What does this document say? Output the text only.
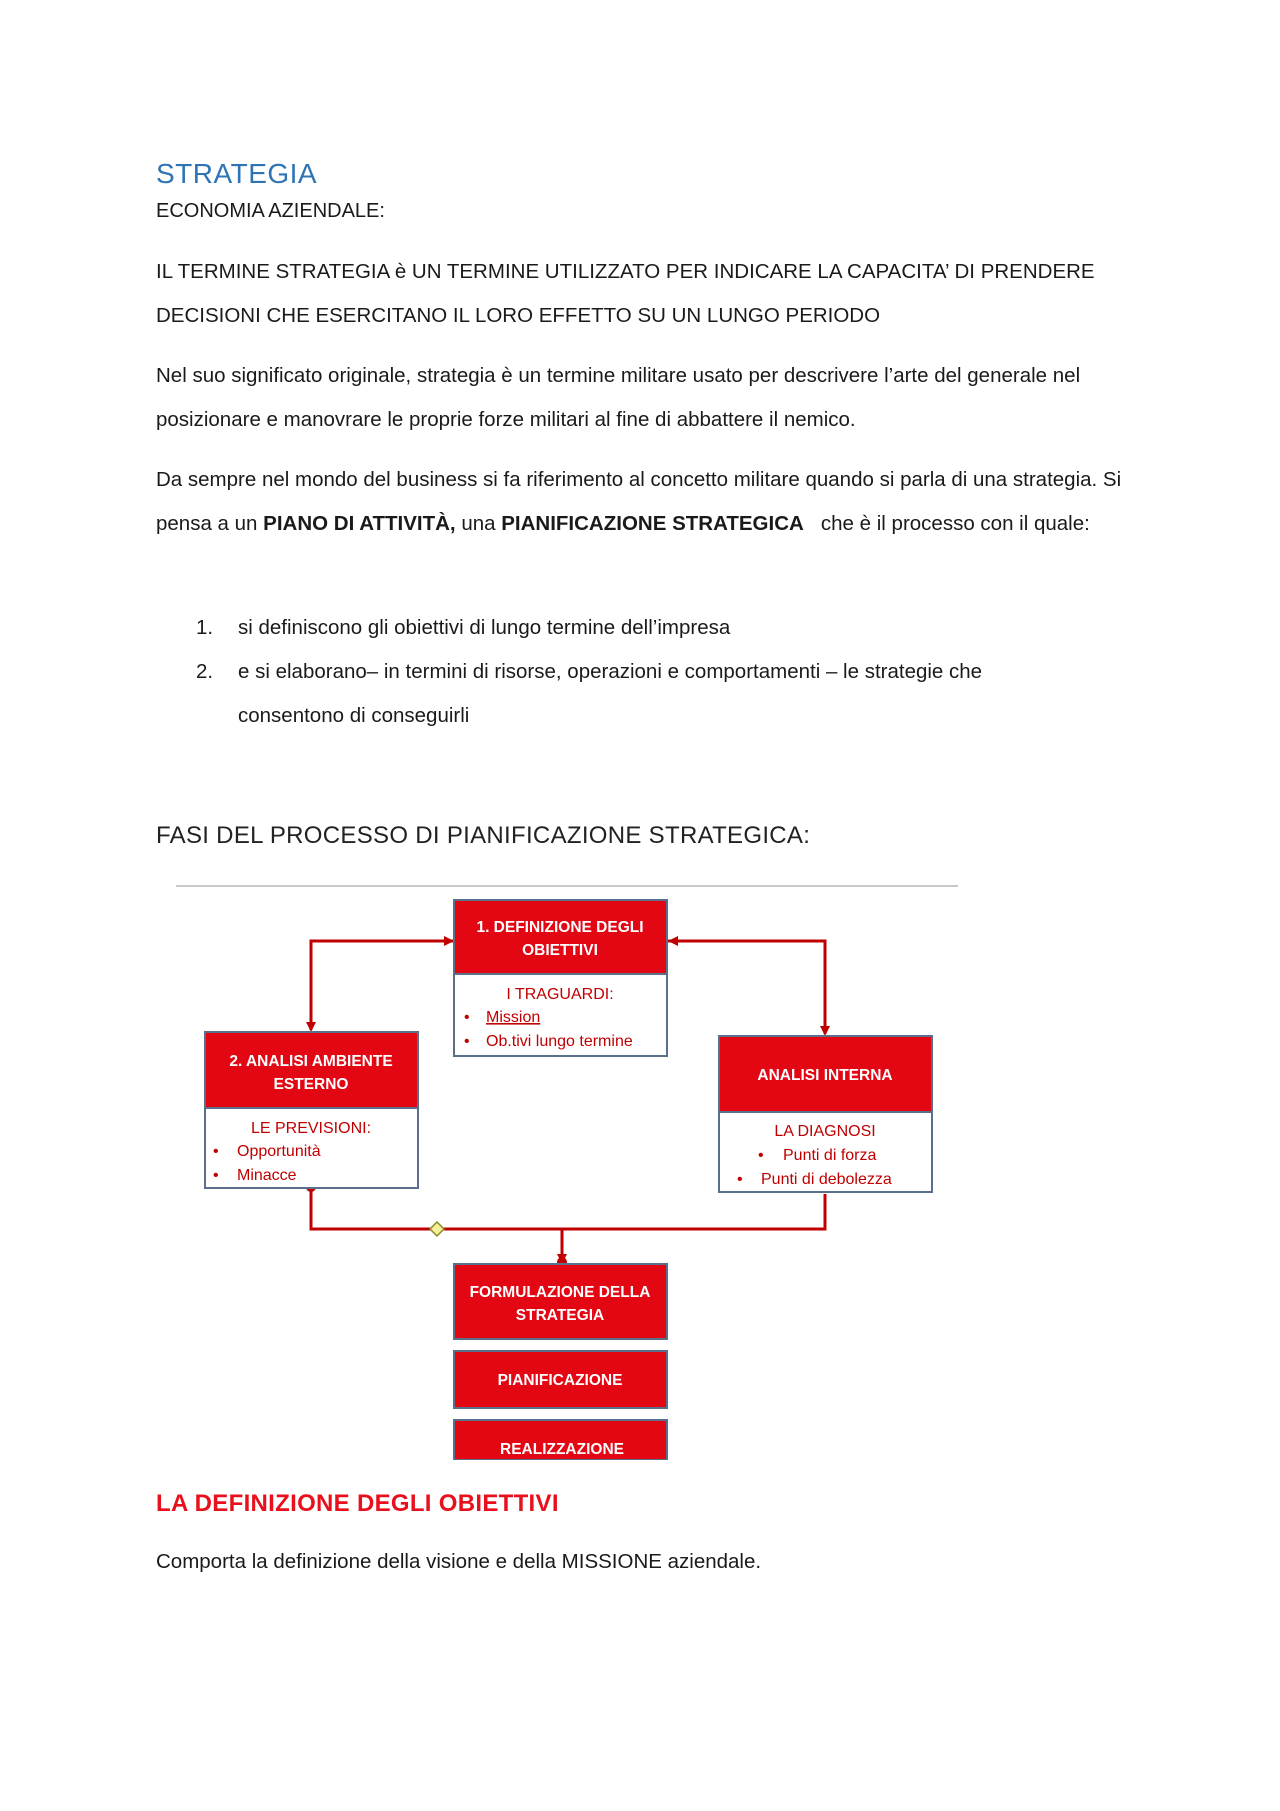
STRATEGIA
ECONOMIA AZIENDALE:
IL TERMINE STRATEGIA è UN TERMINE UTILIZZATO PER INDICARE LA CAPACITA’ DI PRENDERE DECISIONI CHE ESERCITANO IL LORO EFFETTO SU UN LUNGO PERIODO
Nel suo significato originale, strategia è un termine militare usato per descrivere l’arte del generale nel posizionare e manovrare le proprie forze militari al fine di abbattere il nemico.
Da sempre nel mondo del business si fa riferimento al concetto militare quando si parla di una strategia. Si pensa a un PIANO DI ATTIVITÀ, una PIANIFICAZIONE STRATEGICA   che è il processo con il quale:
1. si definiscono gli obiettivi di lungo termine dell’impresa
2. e si elaborano– in termini di risorse, operazioni e comportamenti – le strategie che consentono di conseguirli
FASI DEL PROCESSO DI PIANIFICAZIONE STRATEGICA:
1. DEFINIZIONE DEGLI
OBIETTIVI
I TRAGUARDI:
• Mission
• Ob.tivi lungo termine
2. ANALISI AMBIENTE
ESTERNO
LE PREVISIONI:
• Opportunità
• Minacce
ANALISI INTERNA
LA DIAGNOSI
• Punti di forza
• Punti di debolezza
FORMULAZIONE DELLA
STRATEGIA
PIANIFICAZIONE
REALIZZAZIONE
LA DEFINIZIONE DEGLI OBIETTIVI
Comporta la definizione della visione e della MISSIONE aziendale.
